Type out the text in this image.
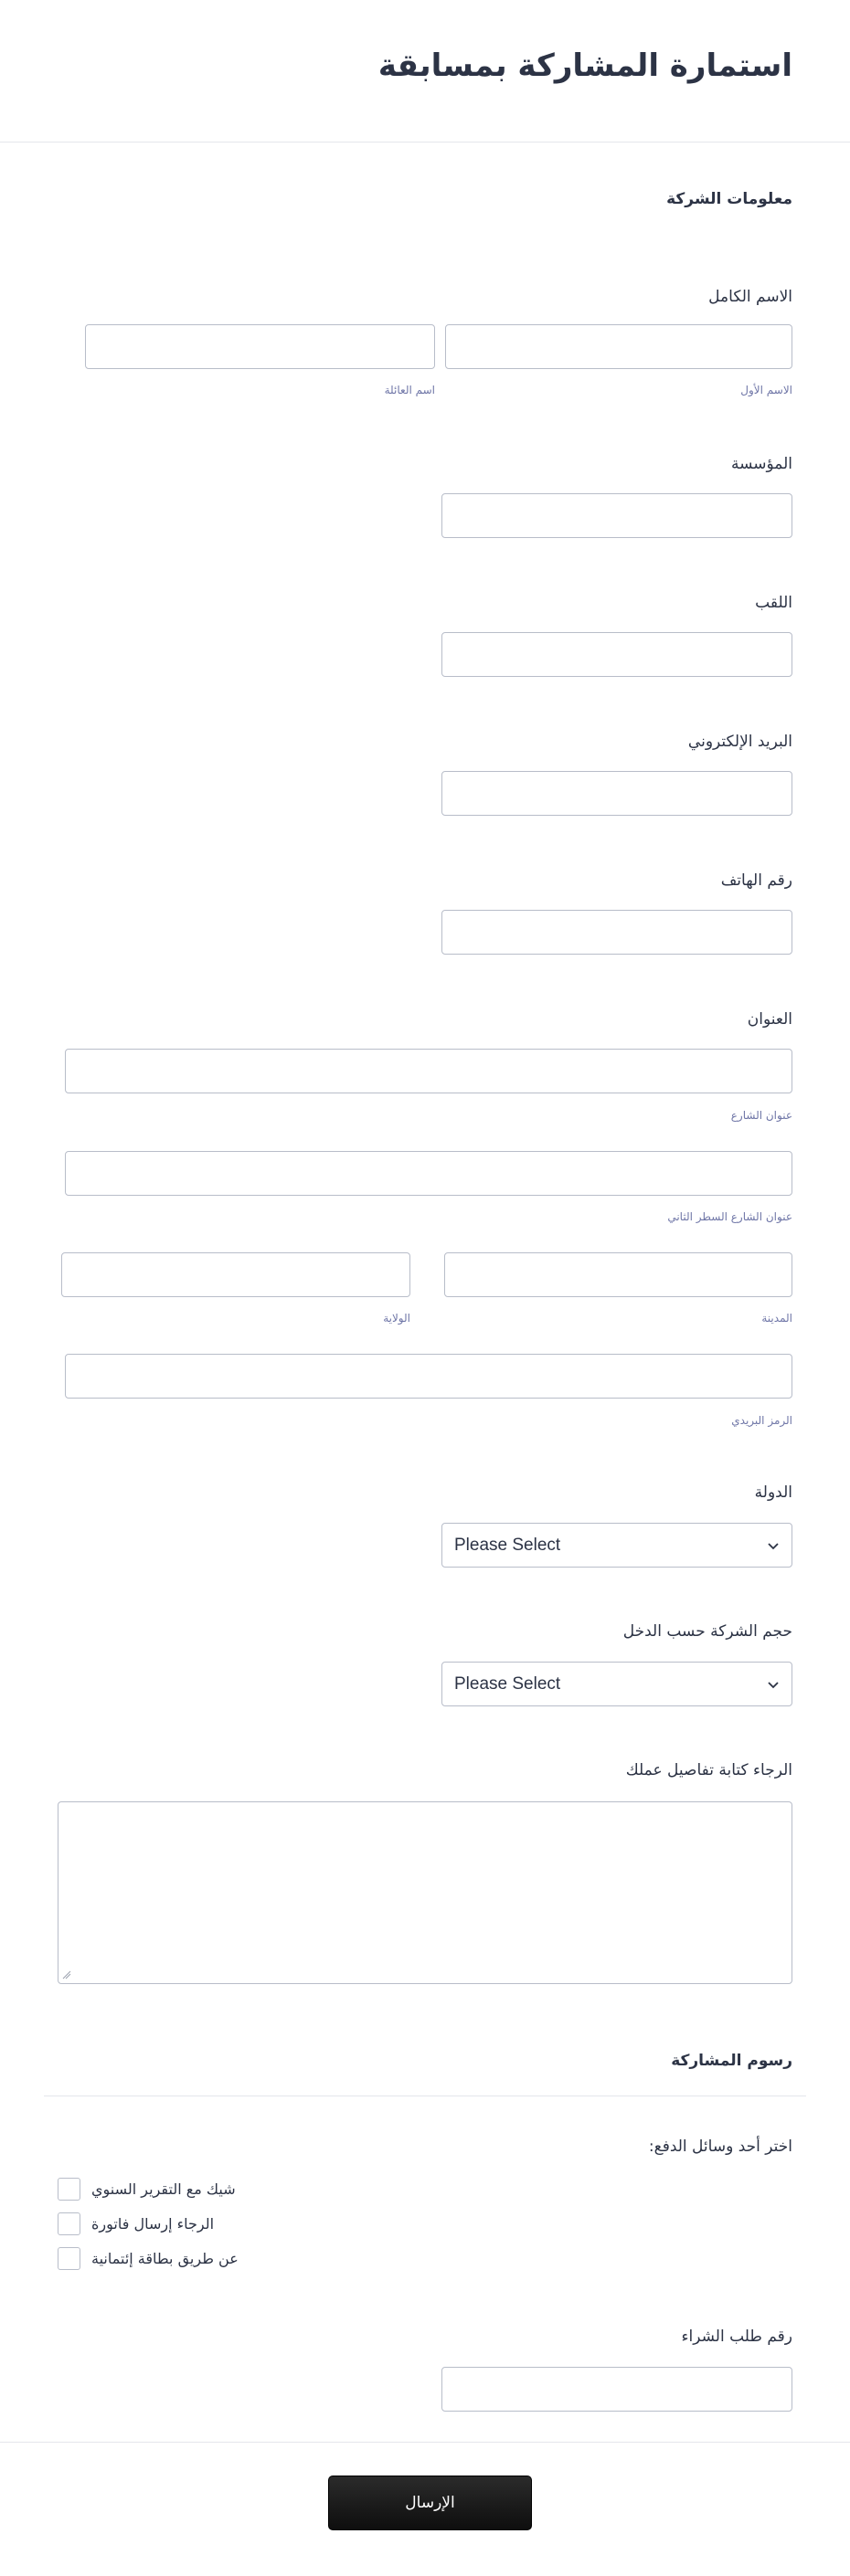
استمارة المشاركة بمسابقة
معلومات الشركة
الاسم الكامل
الاسم الأول
اسم العائلة
المؤسسة
اللقب
البريد الإلكتروني
رقم الهاتف
العنوان
عنوان الشارع
عنوان الشارع السطر الثاني
المدينة
الولاية
الرمز البريدي
الدولة
Please Select
حجم الشركة حسب الدخل
Please Select
الرجاء كتابة تفاصيل عملك
رسوم المشاركة
اختر أحد وسائل الدفع:
شيك مع التقرير السنوي
الرجاء إرسال فاتورة
عن طريق بطاقة إئتمانية
رقم طلب الشراء
الإرسال
